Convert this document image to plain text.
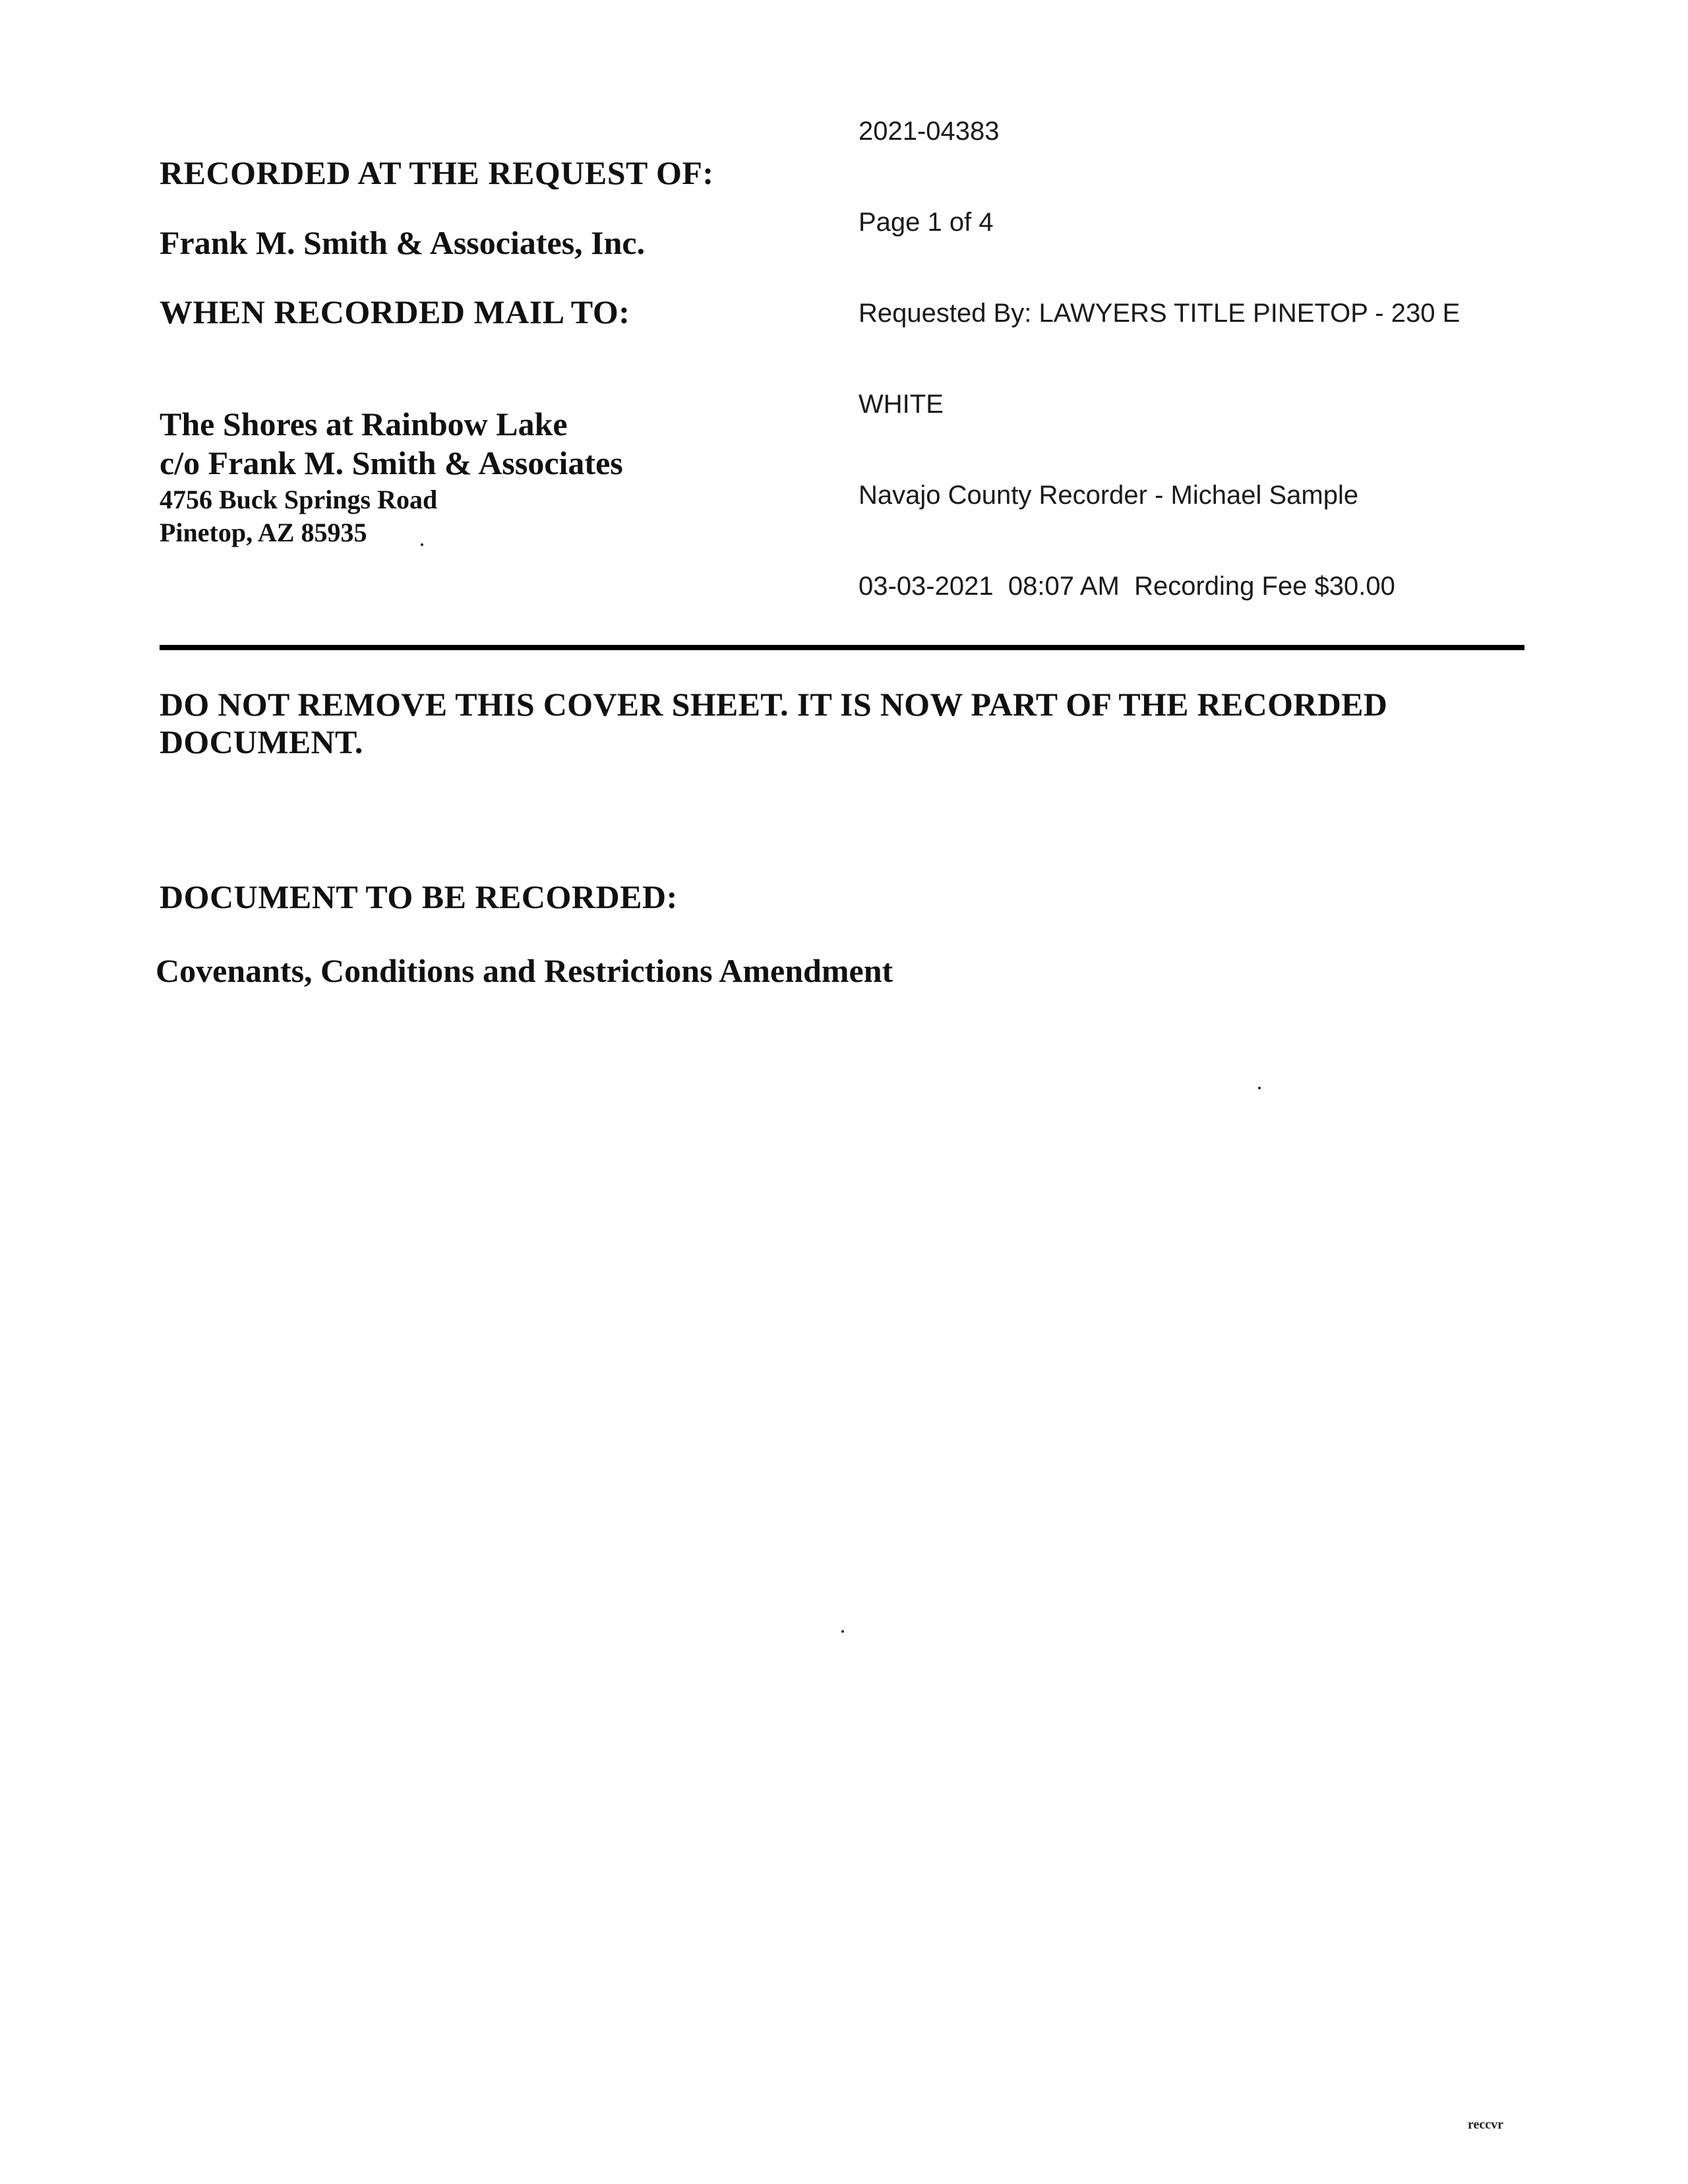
2021-04383

Page 1 of 4

Requested By: LAWYERS TITLE PINETOP - 230 E

WHITE

Navajo County Recorder - Michael Sample

03-03-2021  08:07 AM  Recording Fee $30.00

RECORDED AT THE REQUEST OF:
Frank M. Smith & Associates, Inc.
WHEN RECORDED MAIL TO:
The Shores at Rainbow Lake
c/o Frank M. Smith & Associates
4756 Buck Springs Road
Pinetop, AZ 85935
DO NOT REMOVE THIS COVER SHEET. IT IS NOW PART OF THE RECORDED DOCUMENT.
DOCUMENT TO BE RECORDED:
Covenants, Conditions and Restrictions Amendment
reccvr
